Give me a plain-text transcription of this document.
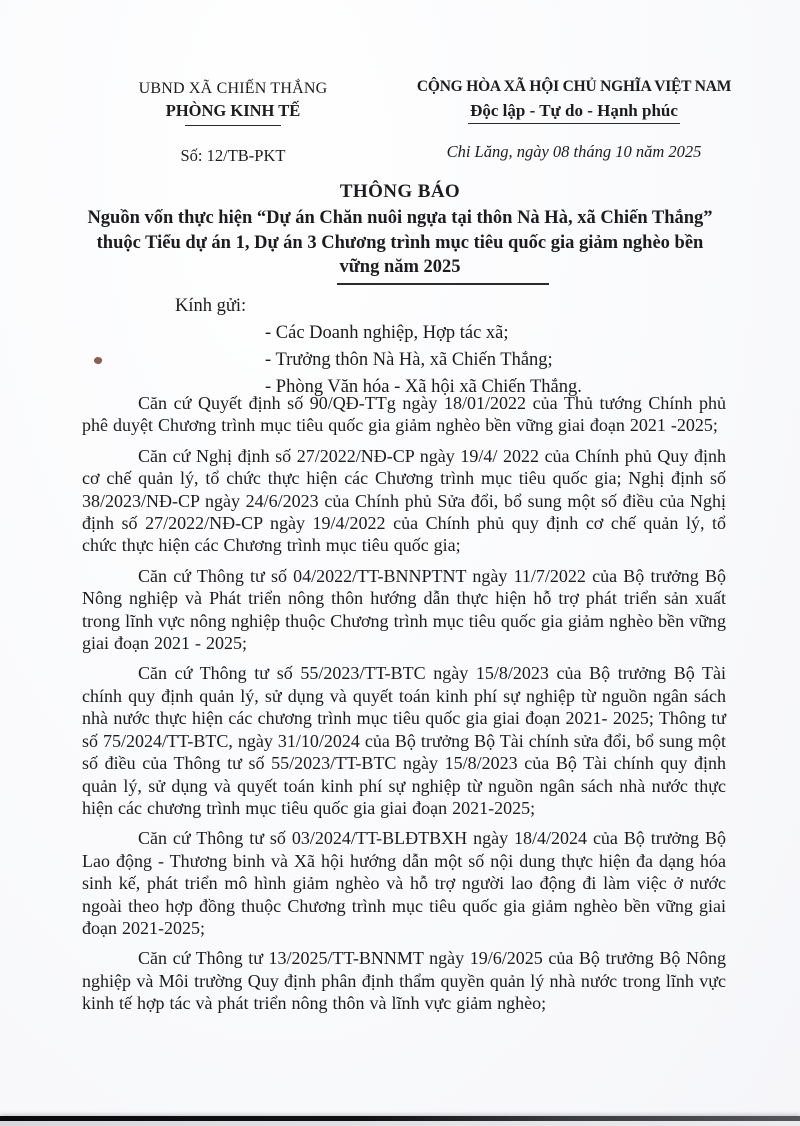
UBND XÃ CHIẾN THẮNG
PHÒNG KINH TẾ
Số: 12/TB-PKT
CỘNG HÒA XÃ HỘI CHỦ NGHĨA VIỆT NAM
Độc lập - Tự do - Hạnh phúc
Chi Lăng, ngày 08 tháng 10 năm 2025
THÔNG BÁO
Nguồn vốn thực hiện “Dự án Chăn nuôi ngựa tại thôn Nà Hà, xã Chiến Thắng” thuộc Tiểu dự án 1, Dự án 3 Chương trình mục tiêu quốc gia giảm nghèo bền vững năm 2025
Kính gửi:
- Các Doanh nghiệp, Hợp tác xã;
- Trưởng thôn Nà Hà, xã Chiến Thắng;
- Phòng Văn hóa - Xã hội xã Chiến Thắng.

Căn cứ Quyết định số 90/QĐ-TTg ngày 18/01/2022 của Thủ tướng Chính phủ phê duyệt Chương trình mục tiêu quốc gia giảm nghèo bền vững giai đoạn 2021 -2025;

Căn cứ Nghị định số 27/2022/NĐ-CP ngày 19/4/ 2022 của Chính phủ Quy định cơ chế quản lý, tổ chức thực hiện các Chương trình mục tiêu quốc gia; Nghị định số 38/2023/NĐ-CP ngày 24/6/2023 của Chính phủ Sửa đổi, bổ sung một số điều của Nghị định số 27/2022/NĐ-CP ngày 19/4/2022 của Chính phủ quy định cơ chế quản lý, tổ chức thực hiện các Chương trình mục tiêu quốc gia;

Căn cứ Thông tư số 04/2022/TT-BNNPTNT ngày 11/7/2022 của Bộ trưởng Bộ Nông nghiệp và Phát triển nông thôn hướng dẫn thực hiện hỗ trợ phát triển sản xuất trong lĩnh vực nông nghiệp thuộc Chương trình mục tiêu quốc gia giảm nghèo bền vững giai đoạn 2021 - 2025;

Căn cứ Thông tư số 55/2023/TT-BTC ngày 15/8/2023 của Bộ trưởng Bộ Tài chính quy định quản lý, sử dụng và quyết toán kinh phí sự nghiệp từ nguồn ngân sách nhà nước thực hiện các chương trình mục tiêu quốc gia giai đoạn 2021- 2025; Thông tư số 75/2024/TT-BTC, ngày 31/10/2024 của Bộ trưởng Bộ Tài chính sửa đổi, bổ sung một số điều của Thông tư số 55/2023/TT-BTC ngày 15/8/2023 của Bộ Tài chính quy định quản lý, sử dụng và quyết toán kinh phí sự nghiệp từ nguồn ngân sách nhà nước thực hiện các chương trình mục tiêu quốc gia giai đoạn 2021-2025;

Căn cứ Thông tư số 03/2024/TT-BLĐTBXH ngày 18/4/2024 của Bộ trưởng Bộ Lao động - Thương binh và Xã hội hướng dẫn một số nội dung thực hiện đa dạng hóa sinh kế, phát triển mô hình giảm nghèo và hỗ trợ người lao động đi làm việc ở nước ngoài theo hợp đồng thuộc Chương trình mục tiêu quốc gia giảm nghèo bền vững giai đoạn 2021-2025;

Căn cứ Thông tư 13/2025/TT-BNNMT ngày 19/6/2025 của Bộ trưởng Bộ Nông nghiệp và Môi trường Quy định phân định thẩm quyền quản lý nhà nước trong lĩnh vực kinh tế hợp tác và phát triển nông thôn và lĩnh vực giảm nghèo;
